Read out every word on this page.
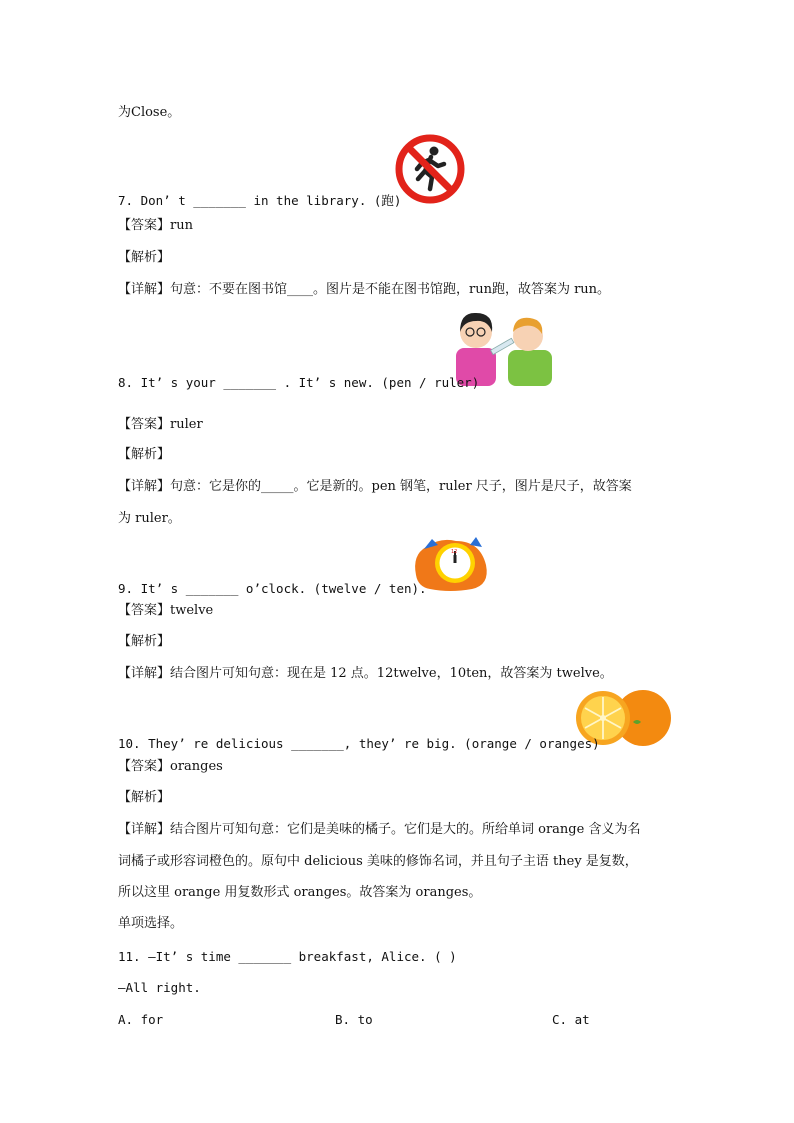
为Close。
7. Don’ t _______ in the library. (跑)
【答案】run
【解析】
【详解】句意：不要在图书馆____。图片是不能在图书馆跑，run跑，故答案为 run。
8. It’ s your _______ . It’ s new. (pen / ruler)
【答案】ruler
【解析】
【详解】句意：它是你的_____。它是新的。pen 钢笔，ruler 尺子，图片是尺子，故答案
为 ruler。
12
9. It’ s _______ o’clock. (twelve / ten).
【答案】twelve
【解析】
【详解】结合图片可知句意：现在是 12 点。12twelve，10ten，故答案为 twelve。
10. They’ re delicious _______, they’ re big. (orange / oranges)
【答案】oranges
【解析】
【详解】结合图片可知句意：它们是美味的橘子。它们是大的。所给单词 orange 含义为名
词橘子或形容词橙色的。原句中 delicious 美味的修饰名词，并且句子主语 they 是复数，
所以这里 orange 用复数形式 oranges。故答案为 oranges。
单项选择。
11. —It’ s time _______ breakfast, Alice. ( )
—All right.
A. for	B. to	C. at
